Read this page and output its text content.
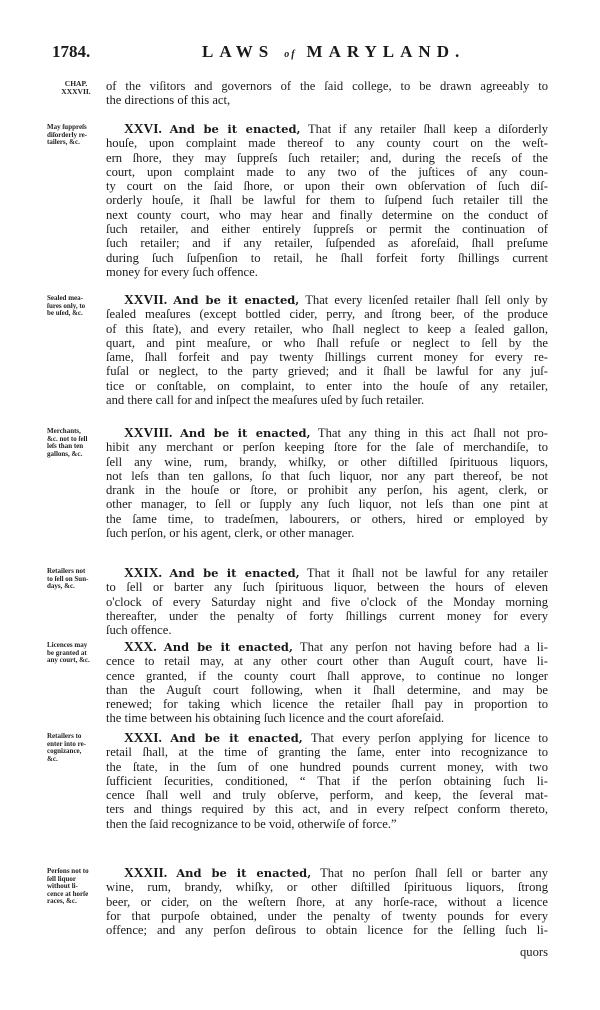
1784.	LAWS of MARYLAND.
CHAP.
XXXVII.	of the viſitors and governors of the ſaid college, to be drawn agreeably to
the directions of this act,
May ſuppreſs
diſorderly re-
tailers, &c.
XXVI. And be it enacted, That if any retailer ſhall keep a diſorderly
houſe, upon complaint made thereof to any county court on the weſt-
ern ſhore, they may ſuppreſs ſuch retailer; and, during the receſs of the
court, upon complaint made to any two of the juſtices of any coun-
ty court on the ſaid ſhore, or upon their own obſervation of ſuch diſ-
orderly houſe, it ſhall be lawful for them to ſuſpend ſuch retailer till the
next county court, who may hear and finally determine on the conduct of
ſuch retailer, and either entirely ſuppreſs or permit the continuation of
ſuch retailer; and if any retailer, ſuſpended as aforeſaid, ſhall preſume
during ſuch ſuſpenſion to retail, he ſhall forfeit forty ſhillings current
money for every ſuch offence.
Sealed mea-
ſures only, to
be uſed, &c.
XXVII. And be it enacted, That every licenſed retailer ſhall ſell only by
ſealed meaſures (except bottled cider, perry, and ſtrong beer, of the produce
of this ſtate), and every retailer, who ſhall neglect to keep a ſealed gallon,
quart, and pint meaſure, or who ſhall refuſe or neglect to ſell by the
ſame, ſhall forfeit and pay twenty ſhillings current money for every re-
fuſal or neglect, to the party grieved; and it ſhall be lawful for any juſ-
tice or conſtable, on complaint, to enter into the houſe of any retailer,
and there call for and inſpect the meaſures uſed by ſuch retailer.
Merchants,
&c. not to ſell
leſs than ten
gallons, &c.
XXVIII. And be it enacted, That any thing in this act ſhall not pro-
hibit any merchant or perſon keeping ſtore for the ſale of merchandiſe, to
ſell any wine, rum, brandy, whiſky, or other diſtilled ſpirituous liquors,
not leſs than ten gallons, ſo that ſuch liquor, nor any part thereof, be not
drank in the houſe or ſtore, or prohibit any perſon, his agent, clerk, or
other manager, to ſell or ſupply any ſuch liquor, not leſs than one pint at
the ſame time, to tradeſmen, labourers, or others, hired or employed by
ſuch perſon, or his agent, clerk, or other manager.
Retailers not
to ſell on Sun-
days, &c.
XXIX. And be it enacted, That it ſhall not be lawful for any retailer
to ſell or barter any ſuch ſpirituous liquor, between the hours of eleven
o'clock of every Saturday night and five o'clock of the Monday morning
thereafter, under the penalty of forty ſhillings current money for every
ſuch offence.
Licences may
be granted at
any court, &c.
XXX. And be it enacted, That any perſon not having before had a li-
cence to retail may, at any other court other than Auguſt court, have li-
cence granted, if the county court ſhall approve, to continue no longer
than the Auguſt court following, when it ſhall determine, and may be
renewed; for taking which licence the retailer ſhall pay in proportion to
the time between his obtaining ſuch licence and the court aforeſaid.
Retailers to
enter into re-
cognizance,
&c.
XXXI. And be it enacted, That every perſon applying for licence to
retail ſhall, at the time of granting the ſame, enter into recognizance to
the ſtate, in the ſum of one hundred pounds current money, with two
ſufficient ſecurities, conditioned, “ That if the perſon obtaining ſuch li-
cence ſhall well and truly obſerve, perform, and keep, the ſeveral mat-
ters and things required by this act, and in every reſpect conform thereto,
then the ſaid recognizance to be void, otherwiſe of force.”
Perſons not to
ſell liquor
without li-
cence at horſe
races, &c.
XXXII. And be it enacted, That no perſon ſhall ſell or barter any
wine, rum, brandy, whiſky, or other diſtilled ſpirituous liquors, ſtrong
beer, or cider, on the weſtern ſhore, at any horſe-race, without a licence
for that purpoſe obtained, under the penalty of twenty pounds for every
offence; and any perſon deſirous to obtain licence for the ſelling ſuch li-
quors
